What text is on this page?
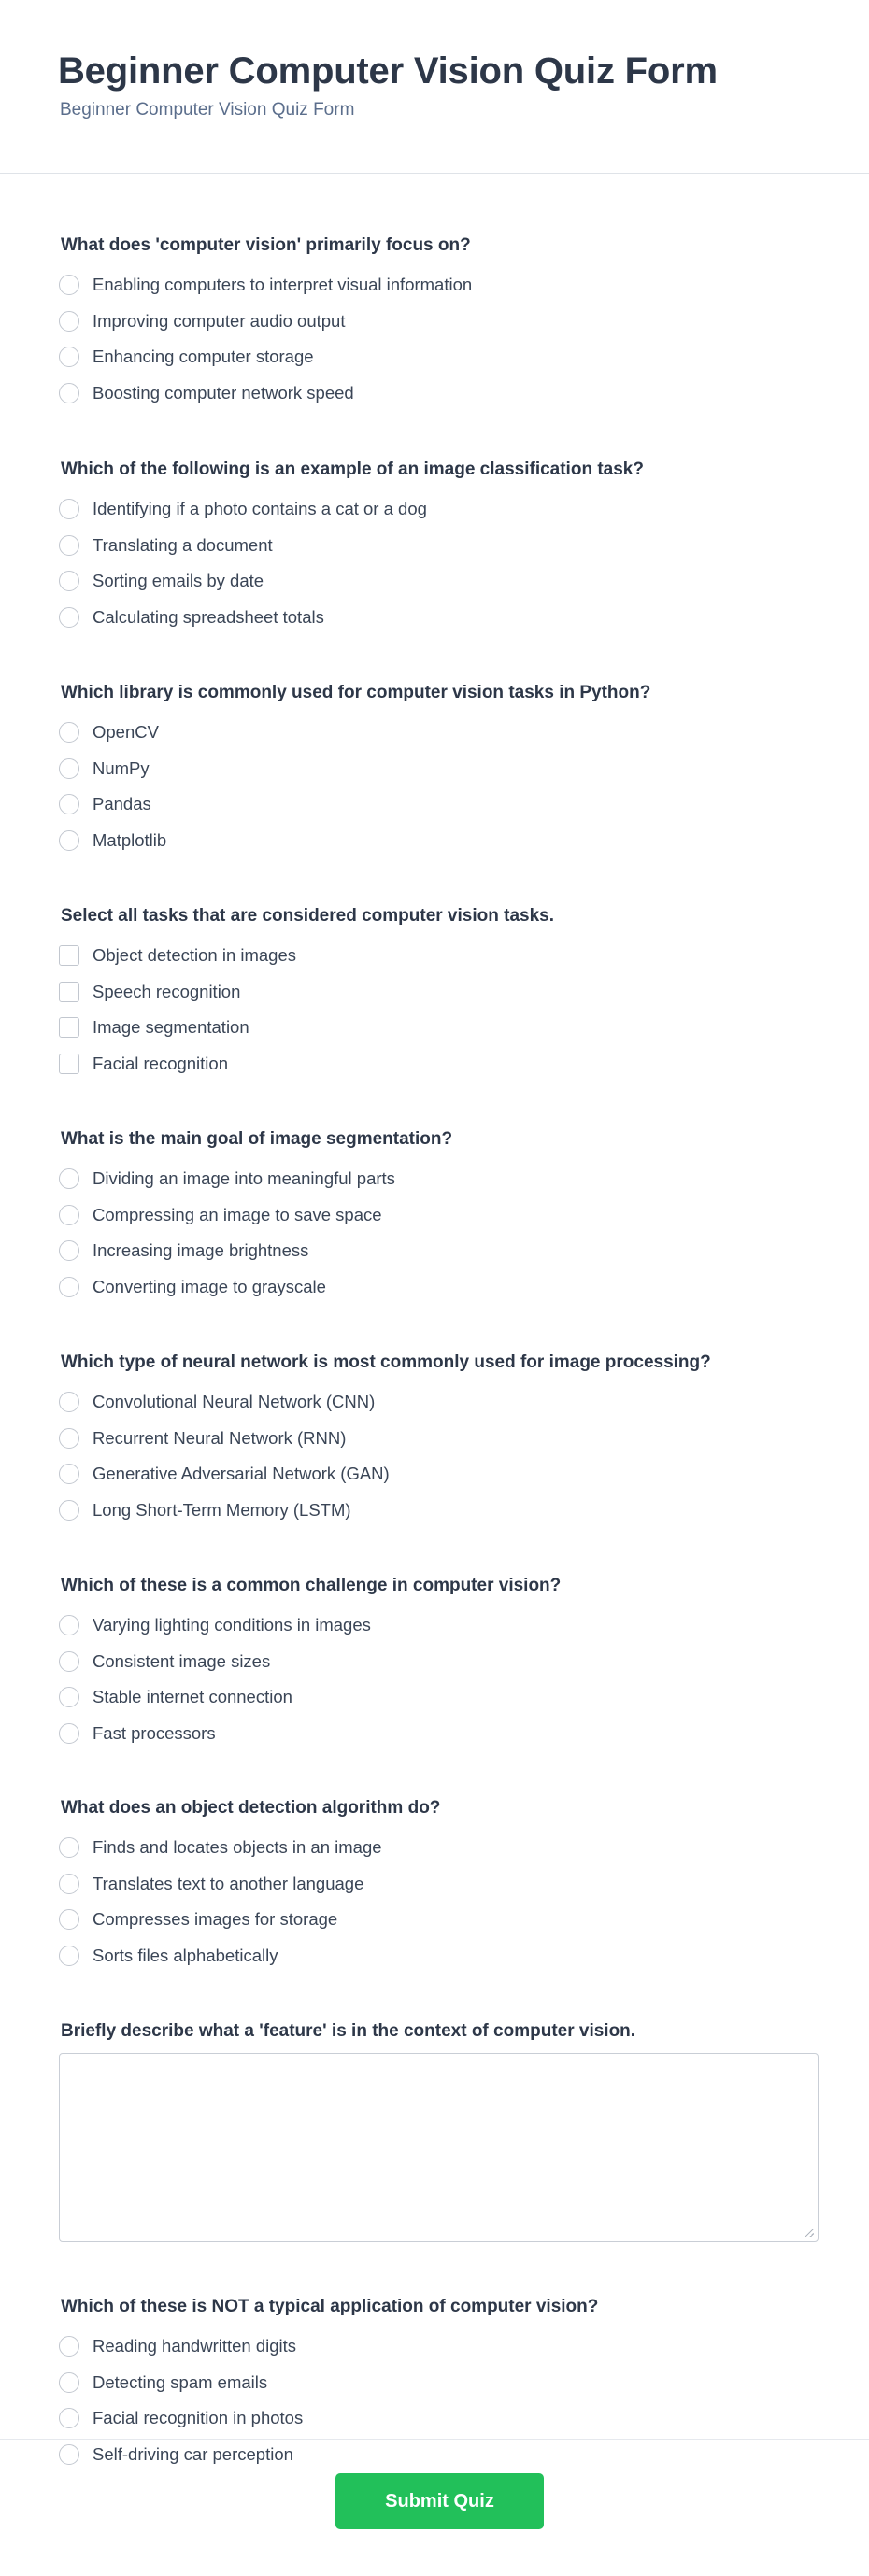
Beginner Computer Vision Quiz Form
Beginner Computer Vision Quiz Form
What does 'computer vision' primarily focus on?
Enabling computers to interpret visual information
Improving computer audio output
Enhancing computer storage
Boosting computer network speed
Which of the following is an example of an image classification task?
Identifying if a photo contains a cat or a dog
Translating a document
Sorting emails by date
Calculating spreadsheet totals
Which library is commonly used for computer vision tasks in Python?
OpenCV
NumPy
Pandas
Matplotlib
Select all tasks that are considered computer vision tasks.
Object detection in images
Speech recognition
Image segmentation
Facial recognition
What is the main goal of image segmentation?
Dividing an image into meaningful parts
Compressing an image to save space
Increasing image brightness
Converting image to grayscale
Which type of neural network is most commonly used for image processing?
Convolutional Neural Network (CNN)
Recurrent Neural Network (RNN)
Generative Adversarial Network (GAN)
Long Short-Term Memory (LSTM)
Which of these is a common challenge in computer vision?
Varying lighting conditions in images
Consistent image sizes
Stable internet connection
Fast processors
What does an object detection algorithm do?
Finds and locates objects in an image
Translates text to another language
Compresses images for storage
Sorts files alphabetically
Briefly describe what a 'feature' is in the context of computer vision.
Which of these is NOT a typical application of computer vision?
Reading handwritten digits
Detecting spam emails
Facial recognition in photos
Self-driving car perception
Submit Quiz
